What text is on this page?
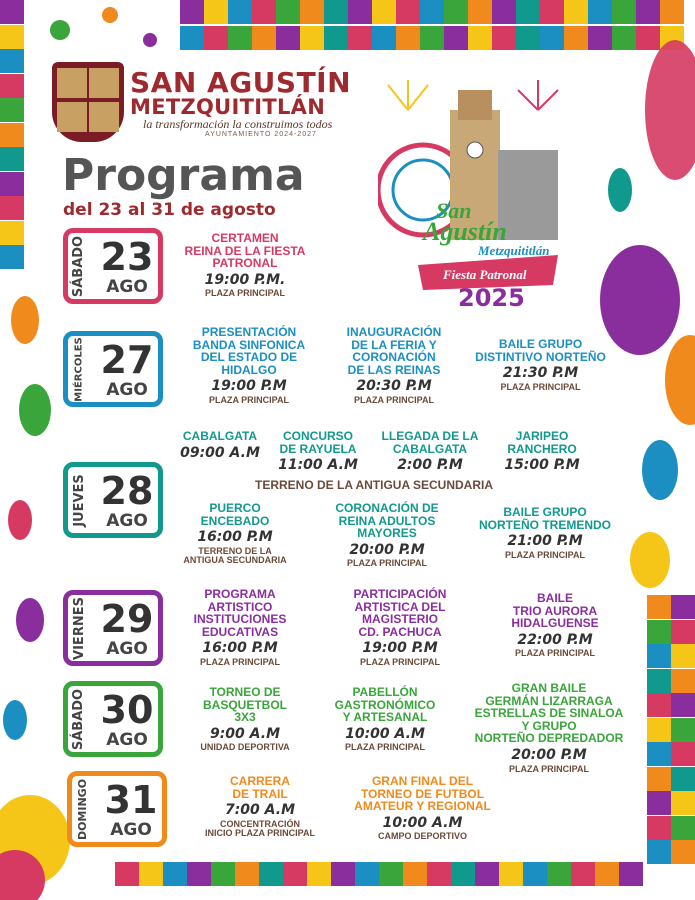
SAN AGUSTÍN
METZQUITITLÁN
la transformación la construimos todos
AYUNTAMIENTO 2024-2027
Programa
del 23 al 31 de agosto	San
Agustín
Metzquititlán
Fiesta Patronal
2025
SÁBADO 23
AGO
CERTAMEN
REINA DE LA FIESTA
PATRONAL
19:00 P.M.
PLAZA PRINCIPAL
MIÉRCOLES 27
AGO
PRESENTACIÓN
BANDA SINFONICA
DEL ESTADO DE
HIDALGO
19:00 P.M
PLAZA PRINCIPAL
INAUGURACIÓN
DE LA FERIA Y
CORONACIÓN
DE LAS REINAS
20:30 P.M
PLAZA PRINCIPAL
BAILE GRUPO
DISTINTIVO NORTEÑO
21:30 P.M
PLAZA PRINCIPAL
JUEVES 28
AGO
CABALGATA
09:00 A.M
CONCURSO
DE RAYUELA
11:00 A.M
LLEGADA DE LA
CABALGATA
2:00 P.M
JARIPEO
RANCHERO
15:00 P.M
TERRENO DE LA ANTIGUA SECUNDARIA
PUERCO
ENCEBADO
16:00 P.M
TERRENO DE LA
ANTIGUA SECUNDARIA
CORONACIÓN DE
REINA ADULTOS
MAYORES
20:00 P.M
PLAZA PRINCIPAL
BAILE GRUPO
NORTEÑO TREMENDO
21:00 P.M
PLAZA PRINCIPAL
VIERNES 29
AGO
PROGRAMA
ARTISTICO
INSTITUCIONES
EDUCATIVAS
16:00 P.M
PLAZA PRINCIPAL
PARTICIPACIÓN
ARTISTICA DEL
MAGISTERIO
CD. PACHUCA
19:00 P.M
PLAZA PRINCIPAL
BAILE
TRIO AURORA
HIDALGUENSE
22:00 P.M
PLAZA PRINCIPAL
SÁBADO 30
AGO
TORNEO DE
BASQUETBOL
3X3
9:00 A.M
UNIDAD DEPORTIVA
PABELLÓN
GASTRONÓMICO
Y ARTESANAL
10:00 A.M
PLAZA PRINCIPAL
GRAN BAILE
GERMÁN LIZARRAGA
ESTRELLAS DE SINALOA
Y GRUPO
NORTEÑO DEPREDADOR
20:00 P.M
PLAZA PRINCIPAL
DOMINGO 31
AGO
CARRERA
DE TRAIL
7:00 A.M
CONCENTRACIÓN
INICIO PLAZA PRINCIPAL
GRAN FINAL DEL
TORNEO DE FUTBOL
AMATEUR Y REGIONAL
10:00 A.M
CAMPO DEPORTIVO
